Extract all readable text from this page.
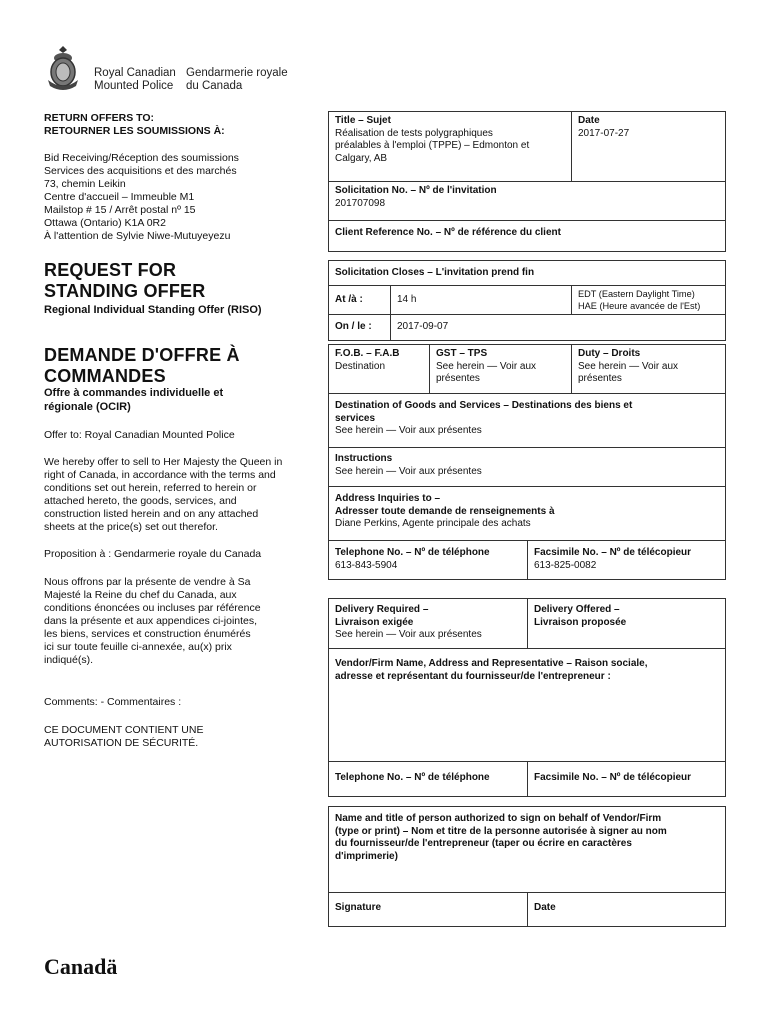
Royal Canadian Gendarmerie royale
Mounted Police du Canada
RETURN OFFERS TO:
RETOURNER LES SOUMISSIONS À:
Bid Receiving/Réception des soumissions
Services des acquisitions et des marchés
73, chemin Leikin
Centre d'accueil – Immeuble M1
Mailstop # 15 / Arrêt postal nº 15
Ottawa (Ontario) K1A 0R2
À l'attention de Sylvie Niwe-Mutuyeyezu
REQUEST FOR
STANDING OFFER
Regional Individual Standing Offer (RISO)
DEMANDE D'OFFRE À
COMMANDES
Offre à commandes individuelle et
régionale (OCIR)
Offer to: Royal Canadian Mounted Police
We hereby offer to sell to Her Majesty the Queen in
right of Canada, in accordance with the terms and
conditions set out herein, referred to herein or
attached hereto, the goods, services, and
construction listed herein and on any attached
sheets at the price(s) set out therefor.
Proposition à : Gendarmerie royale du Canada
Nous offrons par la présente de vendre à Sa
Majesté la Reine du chef du Canada, aux
conditions énoncées ou incluses par référence
dans la présente et aux appendices ci-jointes,
les biens, services et construction énumérés
ici sur toute feuille ci-annexée, au(x) prix
indiqué(s).
Comments: - Commentaires :
CE DOCUMENT CONTIENT UNE
AUTORISATION DE SÉCURITÉ.
Title – Sujet
Réalisation de tests polygraphiques
préalables à l'emploi (TPPE) – Edmonton et
Calgary, AB
Date
2017-07-27
Solicitation No. – Nº de l'invitation
201707098
Client Reference No. – Nº de référence du client
Solicitation Closes – L'invitation prend fin
At /à :	14 h	EDT (Eastern Daylight Time)
HAE (Heure avancée de l'Est)
On / le :	2017-09-07
F.O.B. – F.A.B
Destination
GST – TPS
See herein — Voir aux
présentes
Duty – Droits
See herein — Voir aux
présentes
Destination of Goods and Services – Destinations des biens et
services
See herein — Voir aux présentes
Instructions
See herein — Voir aux présentes
Address Inquiries to –
Adresser toute demande de renseignements à
Diane Perkins, Agente principale des achats
Telephone No. – Nº de téléphone
613-843-5904
Facsimile No. – Nº de télécopieur
613-825-0082
Delivery Required –
Livraison exigée
See herein — Voir aux présentes
Delivery Offered –
Livraison proposée
Vendor/Firm Name, Address and Representative – Raison sociale,
adresse et représentant du fournisseur/de l'entrepreneur :
Telephone No. – Nº de téléphone	Facsimile No. – Nº de télécopieur
Name and title of person authorized to sign on behalf of Vendor/Firm
(type or print) – Nom et titre de la personne autorisée à signer au nom
du fournisseur/de l'entrepreneur (taper ou écrire en caractères
d'imprimerie)
Signature	Date
Canadä
